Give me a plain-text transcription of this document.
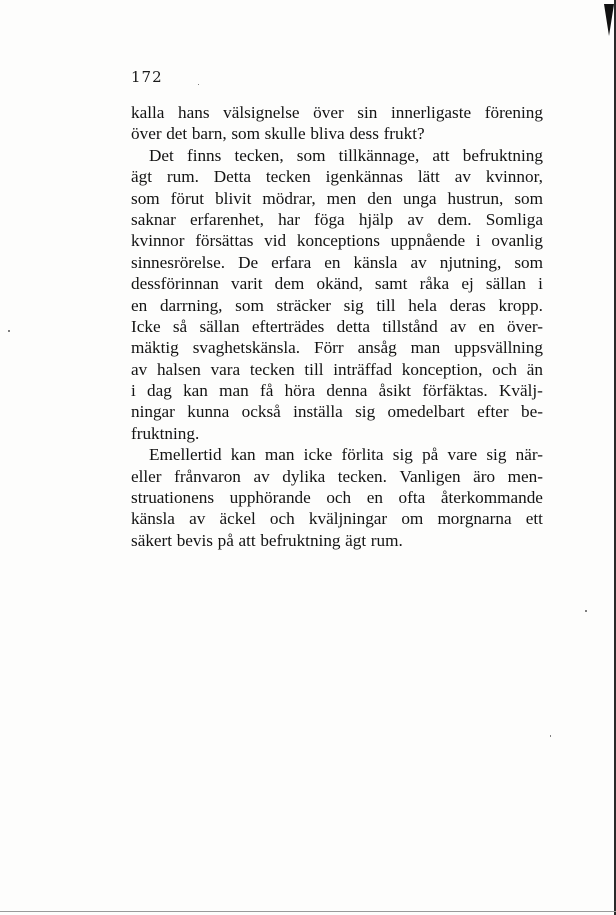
172
kalla hans välsignelse över sin innerligaste förening
över det barn, som skulle bliva dess frukt?
Det finns tecken, som tillkännage, att befruktning
ägt rum. Detta tecken igenkännas lätt av kvinnor,
som förut blivit mödrar, men den unga hustrun, som
saknar erfarenhet, har föga hjälp av dem. Somliga
kvinnor försättas vid konceptions uppnående i ovanlig
sinnesrörelse. De erfara en känsla av njutning, som
dessförinnan varit dem okänd, samt råka ej sällan i
en darrning, som sträcker sig till hela deras kropp.
Icke så sällan efterträdes detta tillstånd av en över-
mäktig svaghetskänsla. Förr ansåg man uppsvällning
av halsen vara tecken till inträffad konception, och än
i dag kan man få höra denna åsikt förfäktas. Kvälj-
ningar kunna också inställa sig omedelbart efter be-
fruktning.
Emellertid kan man icke förlita sig på vare sig när-
eller frånvaron av dylika tecken. Vanligen äro men-
struationens upphörande och en ofta återkommande
känsla av äckel och kväljningar om morgnarna ett
säkert bevis på att befruktning ägt rum.
